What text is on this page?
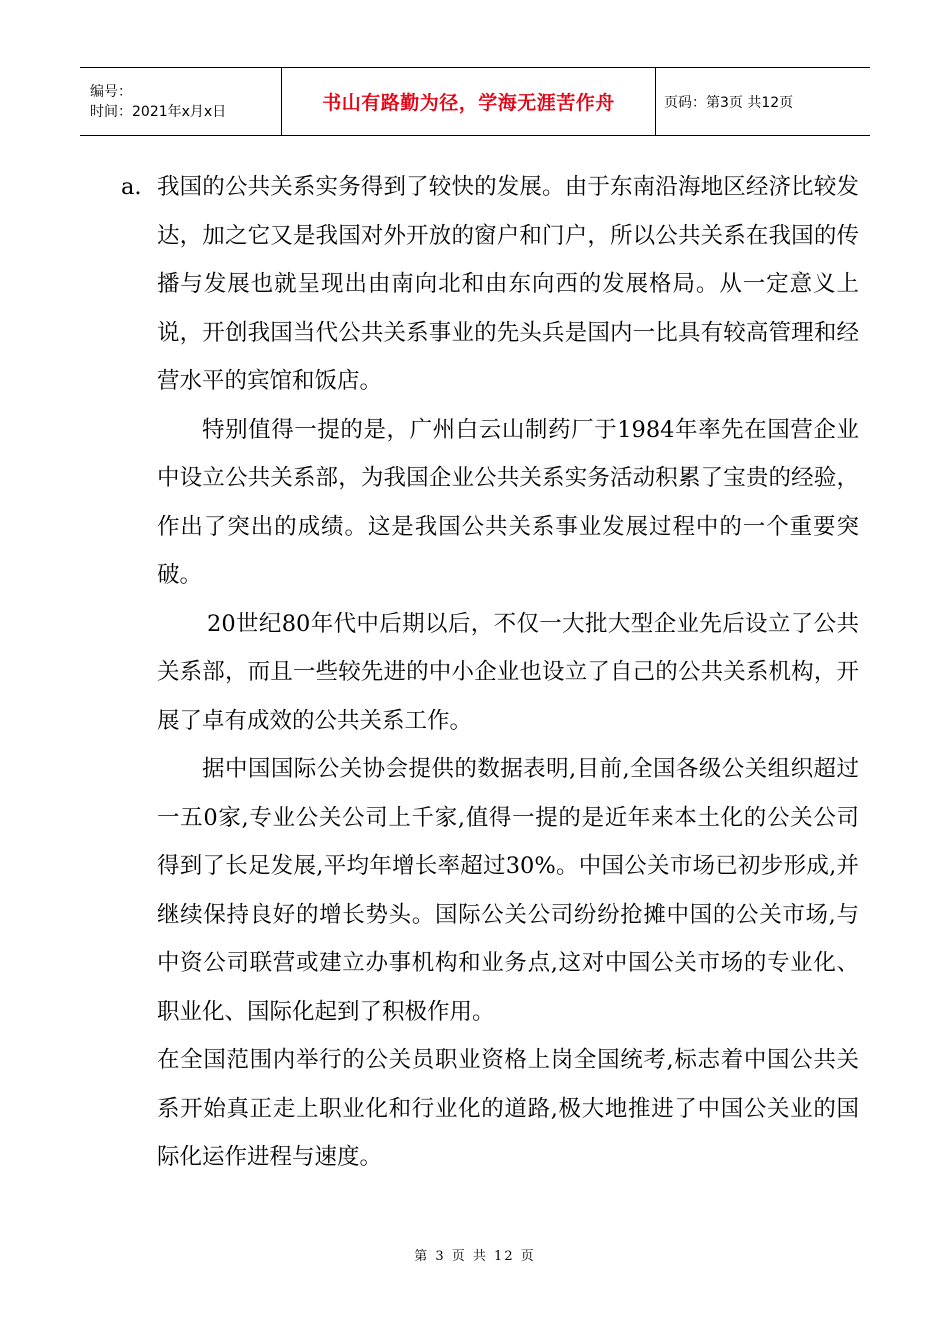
编号：
时间：2021年x月x日	书山有路勤为径，学海无涯苦作舟	页码：第3页 共12页

a. 我国的公共关系实务得到了较快的发展。由于东南沿海地区经济比较发达，加之它又是我国对外开放的窗户和门户，所以公共关系在我国的传播与发展也就呈现出由南向北和由东向西的发展格局。从一定意义上说，开创我国当代公共关系事业的先头兵是国内一比具有较高管理和经营水平的宾馆和饭店。

特别值得一提的是，广州白云山制药厂于1984年率先在国营企业中设立公共关系部，为我国企业公共关系实务活动积累了宝贵的经验，作出了突出的成绩。这是我国公共关系事业发展过程中的一个重要突破。

20世纪80年代中后期以后，不仅一大批大型企业先后设立了公共关系部，而且一些较先进的中小企业也设立了自己的公共关系机构，开展了卓有成效的公共关系工作。

据中国国际公关协会提供的数据表明,目前,全国各级公关组织超过一五0家,专业公关公司上千家,值得一提的是近年来本土化的公关公司得到了长足发展,平均年增长率超过30%。中国公关市场已初步形成,并继续保持良好的增长势头。国际公关公司纷纷抢摊中国的公关市场,与中资公司联营或建立办事机构和业务点,这对中国公关市场的专业化、职业化、国际化起到了积极作用。

在全国范围内举行的公关员职业资格上岗全国统考,标志着中国公共关系开始真正走上职业化和行业化的道路,极大地推进了中国公关业的国际化运作进程与速度。

第 3 页 共 12 页
